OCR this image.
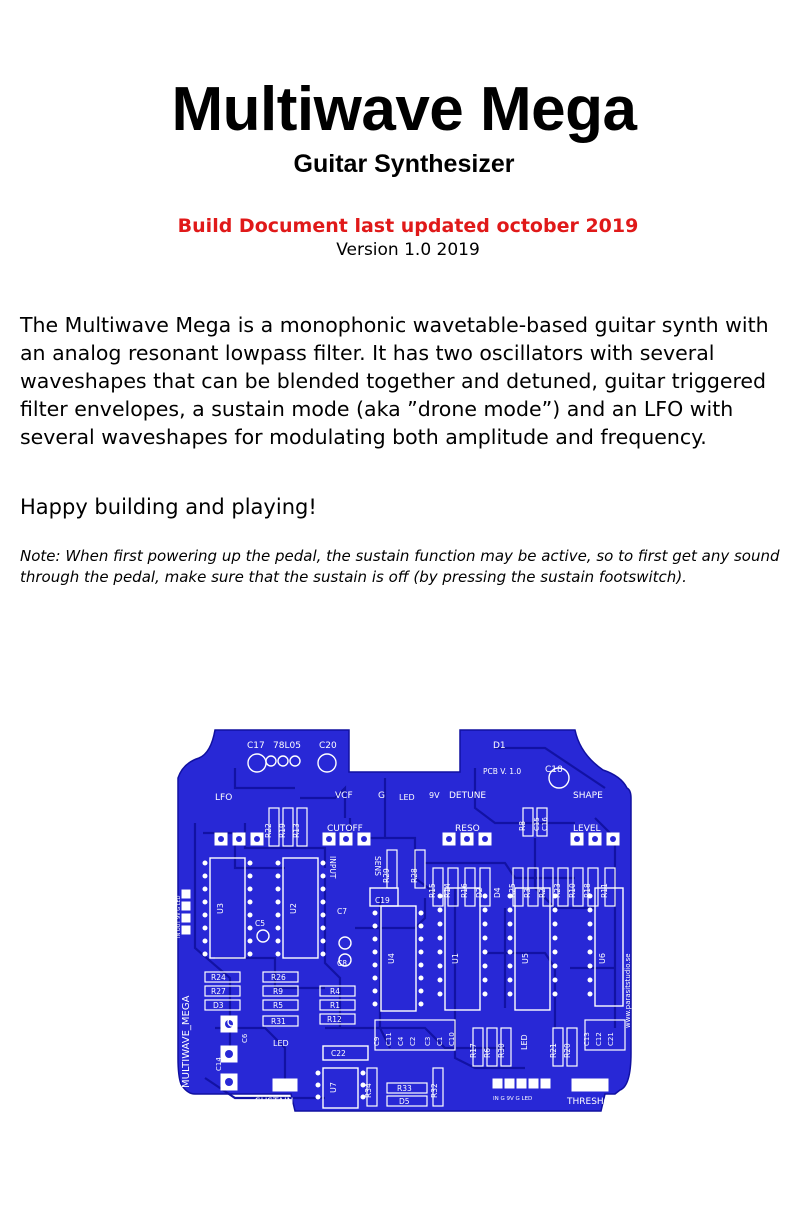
Multiwave Mega
Guitar Synthesizer
Build Document last updated october 2019
Version 1.0 2019
The Multiwave Mega is a monophonic wavetable-based guitar synth with an analog resonant lowpass filter. It has two oscillators with several waveshapes that can be blended together and detuned, guitar triggered filter envelopes, a sustain mode (aka ”drone mode”) and an LFO with several waveshapes for modulating both amplitude and frequency.
Happy building and playing!
Note: When first powering up the pedal, the sustain function may be active, so to first get any sound through the pedal, make sure that the sustain is off (by pressing the sustain footswitch).
C17 78L05 C20	D1
PCB V. 1.0	C18
LFO	VCF	G LED 9V DETUNE	SHAPE
CUTOFF	RESO	LEVEL
INPUT	SENS
R22 R19 R13
R29	R28
R8 C15 C16
R15 R14 R16 D2 D4 R25 R3 R2 R23 R10 R18 R11
C19
C7
C8
C5
U3	U2
U4	U1	U5	U6
U7
R24
R27
D3
R26
R9
R5
R31
R4
R1
R12
C6
C14
C22
C9 C11 C4 C2 C3 C1 C10
R17 R6 R30
LED
R21 R20
C13 C12 C21
R34	R33
D5
R32
LED
SUSTAIN	THRESHOLD
MULTIWAVE_MEGA
IN OUT 9V G LED
www.parasitstudio.se
IN G 9V G LED
